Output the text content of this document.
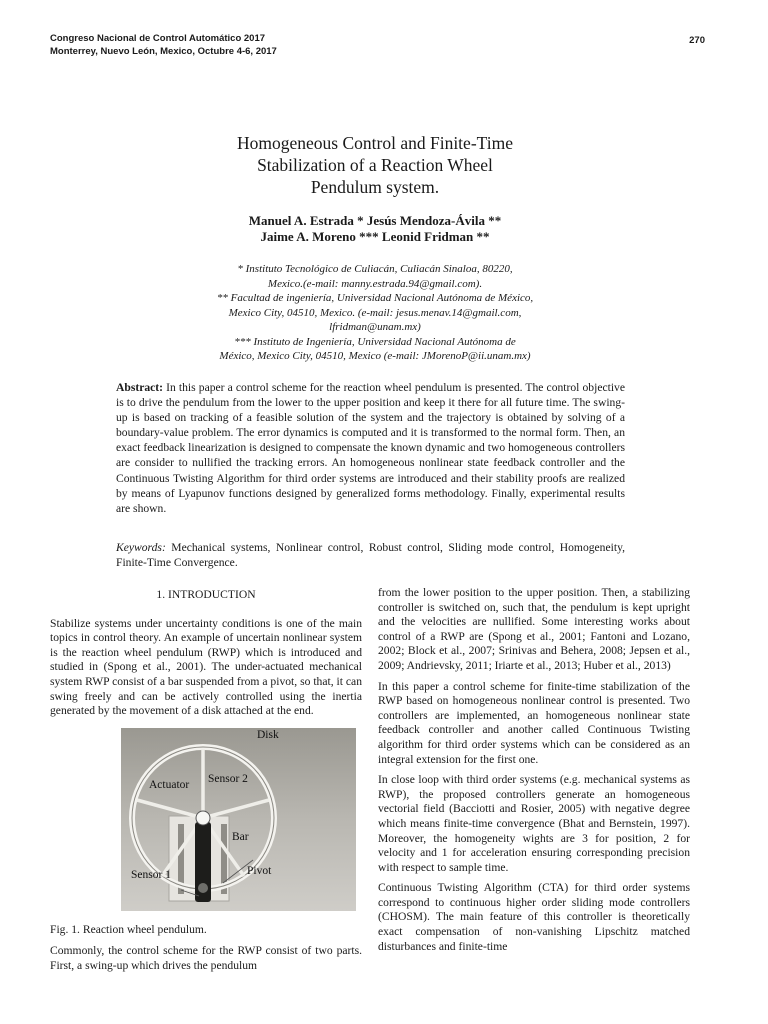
Congreso Nacional de Control Automático 2017
Monterrey, Nuevo León, Mexico, Octubre 4-6, 2017
270
Homogeneous Control and Finite-Time
Stabilization of a Reaction Wheel
Pendulum system.
Manuel A. Estrada * Jesús Mendoza-Ávila **
Jaime A. Moreno *** Leonid Fridman **
* Instituto Tecnológico de Culiacán, Culiacán Sinaloa, 80220,
Mexico.(e-mail: manny.estrada.94@gmail.com).
** Facultad de ingeniería, Universidad Nacional Autónoma de México,
Mexico City, 04510, Mexico. (e-mail: jesus.menav.14@gmail.com,
lfridman@unam.mx)
*** Instituto de Ingeniería, Universidad Nacional Autónoma de
México, Mexico City, 04510, Mexico (e-mail: JMorenoP@ii.unam.mx)
Abstract: In this paper a control scheme for the reaction wheel pendulum is presented. The control objective is to drive the pendulum from the lower to the upper position and keep it there for all future time. The swing-up is based on tracking of a feasible solution of the system and the trajectory is obtained by solving of a boundary-value problem. The error dynamics is computed and it is transformed to the normal form. Then, an exact feedback linearization is designed to compensate the known dynamic and two homogeneous controllers are consider to nullified the tracking errors. An homogeneous nonlinear state feedback controller and the Continuous Twisting Algorithm for third order systems are introduced and their stability proofs are realized by means of Lyapunov functions designed by generalized forms methodology. Finally, experimental results are shown.
Keywords: Mechanical systems, Nonlinear control, Robust control, Sliding mode control, Homogeneity, Finite-Time Convergence.
1. INTRODUCTION

Stabilize systems under uncertainty conditions is one of the main topics in control theory. An example of uncertain nonlinear system is the reaction wheel pendulum (RWP) which is introduced and studied in (Spong et al., 2001). The under-actuated mechanical system RWP consist of a bar suspended from a pivot, so that, it can swing freely and can be actively controlled using the inertia generated by the movement of a disk attached at the end.

Disk
Sensor 2
Actuator
Bar
Pivot
Sensor 1

Fig. 1. Reaction wheel pendulum.

Commonly, the control scheme for the RWP consist of two parts. First, a swing-up which drives the pendulum

from the lower position to the upper position. Then, a stabilizing controller is switched on, such that, the pendulum is kept upright and the velocities are nullified. Some interesting works about control of a RWP are (Spong et al., 2001; Fantoni and Lozano, 2002; Block et al., 2007; Srinivas and Behera, 2008; Jepsen et al., 2009; Andrievsky, 2011; Iriarte et al., 2013; Huber et al., 2013)

In this paper a control scheme for finite-time stabilization of the RWP based on homogeneous nonlinear control is presented. Two controllers are implemented, an homogeneous nonlinear state feedback controller and another called Continuous Twisting algorithm for third order systems which can be considered as an integral extension for the first one.

In close loop with third order systems (e.g. mechanical systems as RWP), the proposed controllers generate an homogeneous vectorial field (Bacciotti and Rosier, 2005) with negative degree which means finite-time convergence (Bhat and Bernstein, 1997). Moreover, the homogeneity wights are 3 for position, 2 for velocity and 1 for acceleration ensuring corresponding precision with respect to sample time.

Continuous Twisting Algorithm (CTA) for third order systems correspond to continuous higher order sliding mode controllers (CHOSM). The main feature of this controller is theoretically exact compensation of non-vanishing Lipschitz matched disturbances and finite-time
